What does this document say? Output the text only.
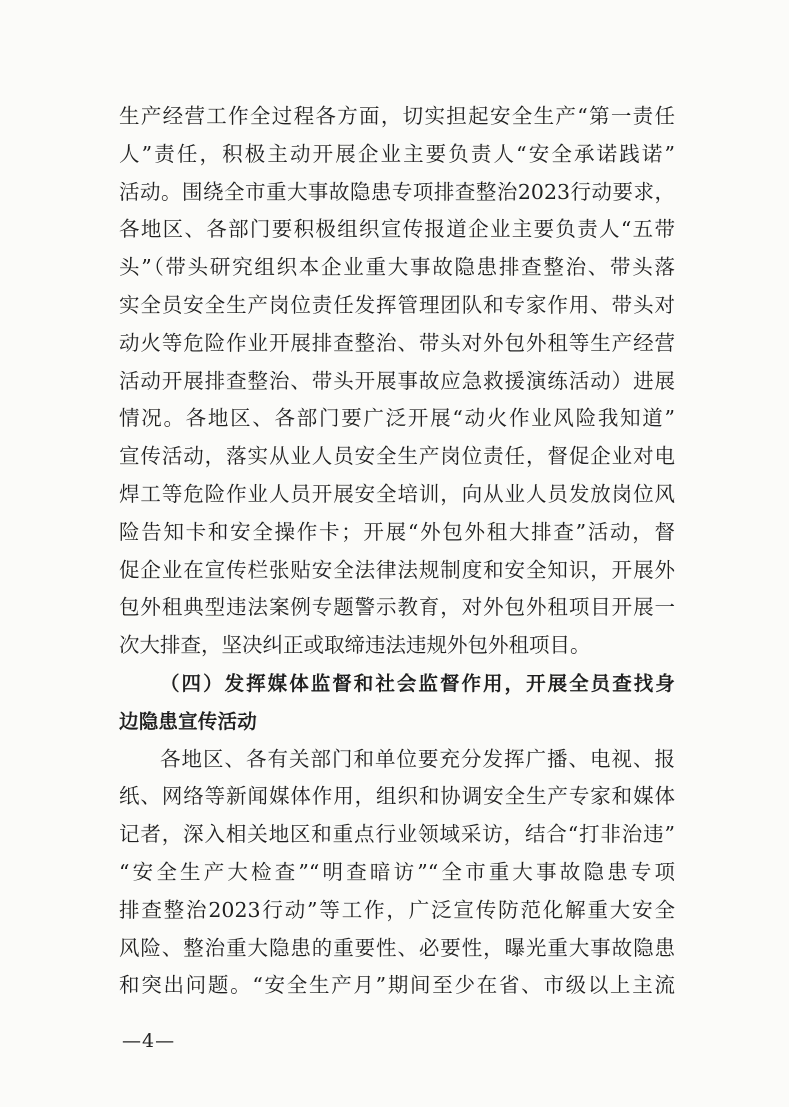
生产经营工作全过程各方面，切实担起安全生产“第一责任

人”责任，积极主动开展企业主要负责人“安全承诺践诺”

活动。围绕全市重大事故隐患专项排查整治2023行动要求，

各地区、各部门要积极组织宣传报道企业主要负责人“五带

头”（带头研究组织本企业重大事故隐患排查整治、带头落

实全员安全生产岗位责任发挥管理团队和专家作用、带头对

动火等危险作业开展排查整治、带头对外包外租等生产经营

活动开展排查整治、带头开展事故应急救援演练活动）进展

情况。各地区、各部门要广泛开展“动火作业风险我知道”

宣传活动，落实从业人员安全生产岗位责任，督促企业对电

焊工等危险作业人员开展安全培训，向从业人员发放岗位风

险告知卡和安全操作卡；开展“外包外租大排查”活动，督

促企业在宣传栏张贴安全法律法规制度和安全知识，开展外

包外租典型违法案例专题警示教育，对外包外租项目开展一

次大排查，坚决纠正或取缔违法违规外包外租项目。

（四）发挥媒体监督和社会监督作用，开展全员查找身

边隐患宣传活动

各地区、各有关部门和单位要充分发挥广播、电视、报

纸、网络等新闻媒体作用，组织和协调安全生产专家和媒体

记者，深入相关地区和重点行业领域采访，结合“打非治违”

“安全生产大检查”“明查暗访”“全市重大事故隐患专项

排查整治2023行动”等工作，广泛宣传防范化解重大安全

风险、整治重大隐患的重要性、必要性，曝光重大事故隐患

和突出问题。“安全生产月”期间至少在省、市级以上主流

—4—
